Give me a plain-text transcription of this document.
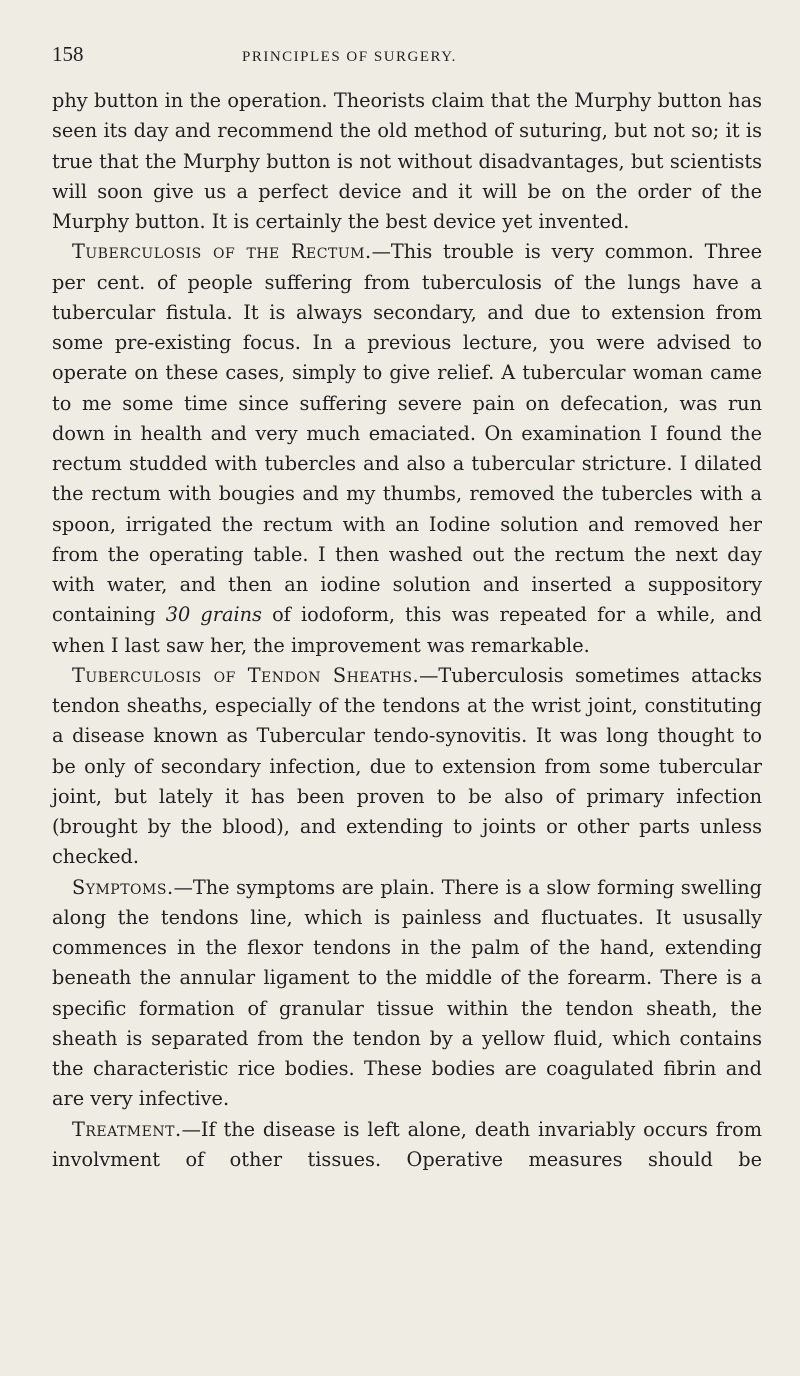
158	PRINCIPLES OF SURGERY.

phy button in the operation. Theorists claim that the Murphy button has seen its day and recommend the old method of suturing, but not so; it is true that the Murphy button is not without disadvantages, but scientists will soon give us a perfect device and it will be on the order of the Murphy button. It is certainly the best device yet invented.

Tuberculosis of the Rectum.—This trouble is very common. Three per cent. of people suffering from tuberculosis of the lungs have a tubercular fistula. It is always secondary, and due to extension from some pre-existing focus. In a previous lecture, you were advised to operate on these cases, simply to give relief. A tubercular woman came to me some time since suffering severe pain on defecation, was run down in health and very much emaciated. On examination I found the rectum studded with tubercles and also a tubercular stricture. I dilated the rectum with bougies and my thumbs, removed the tubercles with a spoon, irrigated the rectum with an Iodine solution and removed her from the operating table. I then washed out the rectum the next day with water, and then an iodine solution and inserted a suppository containing 30 grains of iodoform, this was repeated for a while, and when I last saw her, the improvement was remarkable.

Tuberculosis of Tendon Sheaths.—Tuberculosis sometimes attacks tendon sheaths, especially of the tendons at the wrist joint, constituting a disease known as Tubercular tendo-synovitis. It was long thought to be only of secondary infection, due to extension from some tubercular joint, but lately it has been proven to be also of primary infection (brought by the blood), and extending to joints or other parts unless checked.

Symptoms.—The symptoms are plain. There is a slow forming swelling along the tendons line, which is painless and fluctuates. It ususally commences in the flexor tendons in the palm of the hand, extending beneath the annular ligament to the middle of the forearm. There is a specific formation of granular tissue within the tendon sheath, the sheath is separated from the tendon by a yellow fluid, which contains the characteristic rice bodies. These bodies are coagulated fibrin and are very infective.

Treatment.—If the disease is left alone, death invariably occurs from involvment of other tissues. Operative measures should be
